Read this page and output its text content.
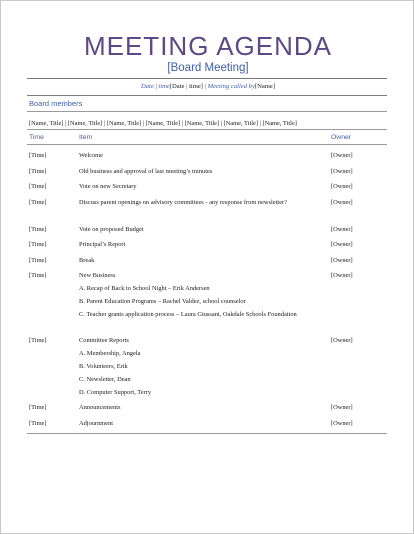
MEETING AGENDA
[Board Meeting]
Date | time[Date | time] | Meeting called by[Name]
Board members
[Name, Title] | [Name, Title] | [Name, Title] | [Name, Title] | [Name, Title] | [Name, Title] | [Name, Title]
Time	Item	Owner
[Time]	Welcome	[Owner]
[Time]	Old business and approval of last meeting’s minutes	[Owner]
[Time]	Vote on new Secretary	[Owner]
[Time]	Discuss parent openings on advisory committees - any response from newsletter?	[Owner]
[Time]	Vote on proposed Budget	[Owner]
[Time]	Principal’s Report	[Owner]
[Time]	Break	[Owner]
[Time]	New Business	[Owner]
A. Recap of Back to School Night – Erik Andersen
B. Parent Education Programs – Rachel Valdez, school counselor
C. Teacher grants application process – Laura Giussani, Oakdale Schools Foundation
[Time]	Committee Reports	[Owner]
A. Membership, Angela
B. Volunteers, Erik
C. Newsletter, Dean
D. Computer Support, Terry
[Time]	Announcements	[Owner]
[Time]	Adjournment	[Owner]
